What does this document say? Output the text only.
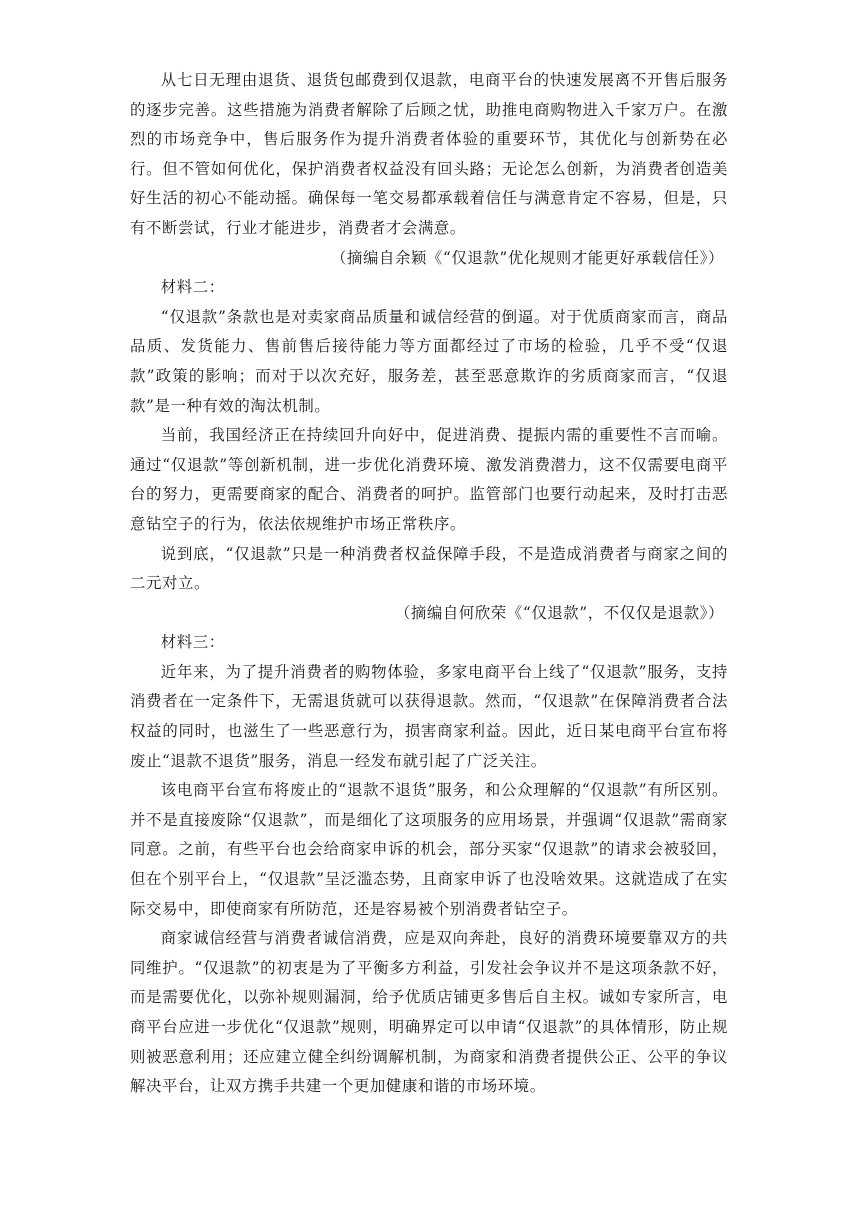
从七日无理由退货、退货包邮费到仅退款，电商平台的快速发展离不开售后服务的逐步完善。这些措施为消费者解除了后顾之忧，助推电商购物进入千家万户。在激烈的市场竞争中，售后服务作为提升消费者体验的重要环节，其优化与创新势在必行。但不管如何优化，保护消费者权益没有回头路；无论怎么创新，为消费者创造美好生活的初心不能动摇。确保每一笔交易都承载着信任与满意肯定不容易，但是，只有不断尝试，行业才能进步，消费者才会满意。

（摘编自余颖《“仅退款”优化规则才能更好承载信任》）

材料二：

“仅退款”条款也是对卖家商品质量和诚信经营的倒逼。对于优质商家而言，商品品质、发货能力、售前售后接待能力等方面都经过了市场的检验，几乎不受“仅退款”政策的影响；而对于以次充好，服务差，甚至恶意欺诈的劣质商家而言，“仅退款”是一种有效的淘汰机制。

当前，我国经济正在持续回升向好中，促进消费、提振内需的重要性不言而喻。通过“仅退款”等创新机制，进一步优化消费环境、激发消费潜力，这不仅需要电商平台的努力，更需要商家的配合、消费者的呵护。监管部门也要行动起来，及时打击恶意钻空子的行为，依法依规维护市场正常秩序。

说到底，“仅退款”只是一种消费者权益保障手段，不是造成消费者与商家之间的二元对立。

（摘编自何欣荣《“仅退款”，不仅仅是退款》）

材料三：

近年来，为了提升消费者的购物体验，多家电商平台上线了“仅退款”服务，支持消费者在一定条件下，无需退货就可以获得退款。然而，“仅退款”在保障消费者合法权益的同时，也滋生了一些恶意行为，损害商家利益。因此，近日某电商平台宣布将废止“退款不退货”服务，消息一经发布就引起了广泛关注。

该电商平台宣布将废止的“退款不退货”服务，和公众理解的“仅退款”有所区别。并不是直接废除“仅退款”，而是细化了这项服务的应用场景，并强调“仅退款”需商家同意。之前，有些平台也会给商家申诉的机会，部分买家“仅退款”的请求会被驳回，但在个别平台上，“仅退款”呈泛滥态势，且商家申诉了也没啥效果。这就造成了在实际交易中，即使商家有所防范，还是容易被个别消费者钻空子。

商家诚信经营与消费者诚信消费，应是双向奔赴，良好的消费环境要靠双方的共同维护。“仅退款”的初衷是为了平衡多方利益，引发社会争议并不是这项条款不好，而是需要优化，以弥补规则漏洞，给予优质店铺更多售后自主权。诚如专家所言，电商平台应进一步优化“仅退款”规则，明确界定可以申请“仅退款”的具体情形，防止规则被恶意利用；还应建立健全纠纷调解机制，为商家和消费者提供公正、公平的争议解决平台，让双方携手共建一个更加健康和谐的市场环境。
